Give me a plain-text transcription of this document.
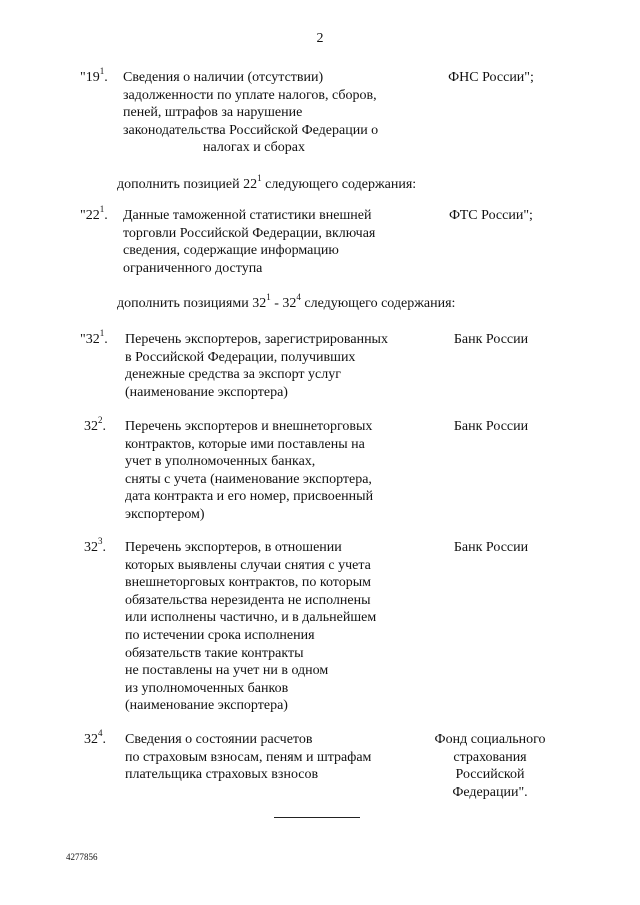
2
"$19^1$. Сведения о наличии (отсутствии)
задолженности по уплате налогов, сборов,
пеней, штрафов за нарушение
законодательства Российской Федерации о
налогах и сборах
ФНС России";
дополнить позицией $22^1$ следующего содержания:
"$22^1$. Данные таможенной статистики внешней
торговли Российской Федерации, включая
сведения, содержащие информацию
ограниченного доступа
ФТС России";
дополнить позициями $32^1 - 32^4$ следующего содержания:
"$32^1$. Перечень экспортеров, зарегистрированных
в Российской Федерации, получивших
денежные средства за экспорт услуг
(наименование экспортера)
Банк России
$32^2$. Перечень экспортеров и внешнеторговых
контрактов, которые ими поставлены на
учет в уполномоченных банках,
сняты с учета (наименование экспортера,
дата контракта и его номер, присвоенный
экспортером)
Банк России
$32^3$. Перечень экспортеров, в отношении
которых выявлены случаи снятия с учета
внешнеторговых контрактов, по которым
обязательства нерезидента не исполнены
или исполнены частично, и в дальнейшем
по истечении срока исполнения
обязательств такие контракты
не поставлены на учет ни в одном
из уполномоченных банков
(наименование экспортера)
Банк России
$32^4$. Сведения о состоянии расчетов
по страховым взносам, пеням и штрафам
плательщика страховых взносов
Фонд социального
страхования
Российской
Федерации".
4277856
